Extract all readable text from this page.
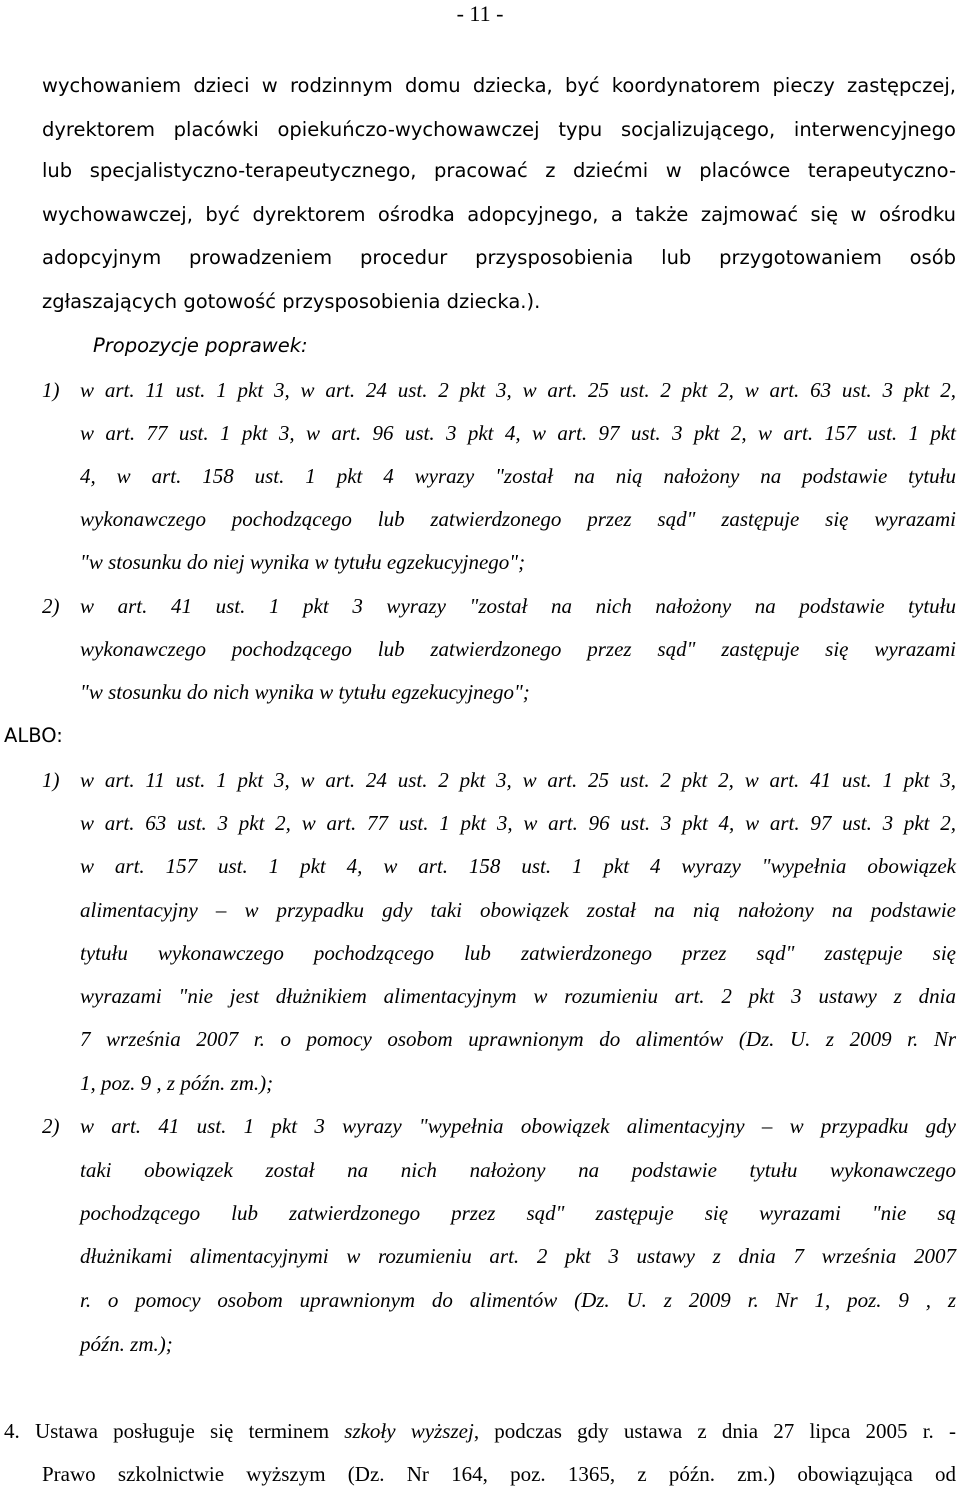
- 11 -
wychowaniem dzieci w rodzinnym domu dziecka, być koordynatorem pieczy zastępczej,
dyrektorem placówki opiekuńczo-wychowawczej typu socjalizującego, interwencyjnego
lub specjalistyczno-terapeutycznego, pracować z dziećmi w placówce terapeutyczno-
wychowawczej, być dyrektorem ośrodka adopcyjnego, a także zajmować się w ośrodku
adopcyjnym prowadzeniem procedur przysposobienia lub przygotowaniem osób
zgłaszających gotowość przysposobienia dziecka.).
Propozycje poprawek:
1) w art. 11 ust. 1 pkt 3, w art. 24 ust. 2 pkt 3, w art. 25 ust. 2 pkt 2, w art. 63 ust. 3 pkt 2,
w art. 77 ust. 1 pkt 3, w art. 96 ust. 3 pkt 4, w art. 97 ust. 3 pkt 2, w art. 157 ust. 1 pkt
4, w art. 158 ust. 1 pkt 4 wyrazy "został na nią nałożony na podstawie tytułu
wykonawczego pochodzącego lub zatwierdzonego przez sąd" zastępuje się wyrazami
"w stosunku do niej wynika w tytułu egzekucyjnego";
2) w art. 41 ust. 1 pkt 3 wyrazy "został na nich nałożony na podstawie tytułu
wykonawczego pochodzącego lub zatwierdzonego przez sąd" zastępuje się wyrazami
"w stosunku do nich wynika w tytułu egzekucyjnego";
ALBO:
1) w art. 11 ust. 1 pkt 3, w art. 24 ust. 2 pkt 3, w art. 25 ust. 2 pkt 2, w art. 41 ust. 1 pkt 3,
w art. 63 ust. 3 pkt 2, w art. 77 ust. 1 pkt 3, w art. 96 ust. 3 pkt 4, w art. 97 ust. 3 pkt 2,
w art. 157 ust. 1 pkt 4, w art. 158 ust. 1 pkt 4 wyrazy "wypełnia obowiązek
alimentacyjny – w przypadku gdy taki obowiązek został na nią nałożony na podstawie
tytułu wykonawczego pochodzącego lub zatwierdzonego przez sąd" zastępuje się
wyrazami "nie jest dłużnikiem alimentacyjnym w rozumieniu art. 2 pkt 3 ustawy z dnia
7 września 2007 r. o pomocy osobom uprawnionym do alimentów (Dz. U. z 2009 r. Nr
1, poz. 9 , z późn. zm.);
2) w art. 41 ust. 1 pkt 3 wyrazy "wypełnia obowiązek alimentacyjny – w przypadku gdy
taki obowiązek został na nich nałożony na podstawie tytułu wykonawczego
pochodzącego lub zatwierdzonego przez sąd" zastępuje się wyrazami "nie są
dłużnikami alimentacyjnymi w rozumieniu art. 2 pkt 3 ustawy z dnia 7 września 2007
r. o pomocy osobom uprawnionym do alimentów (Dz. U. z 2009 r. Nr 1, poz. 9 , z
późn. zm.);
4. Ustawa posługuje się terminem szkoły wyższej, podczas gdy ustawa z dnia 27 lipca 2005 r. -
Prawo szkolnictwie wyższym (Dz. Nr 164, poz. 1365, z późn. zm.) obowiązująca od
